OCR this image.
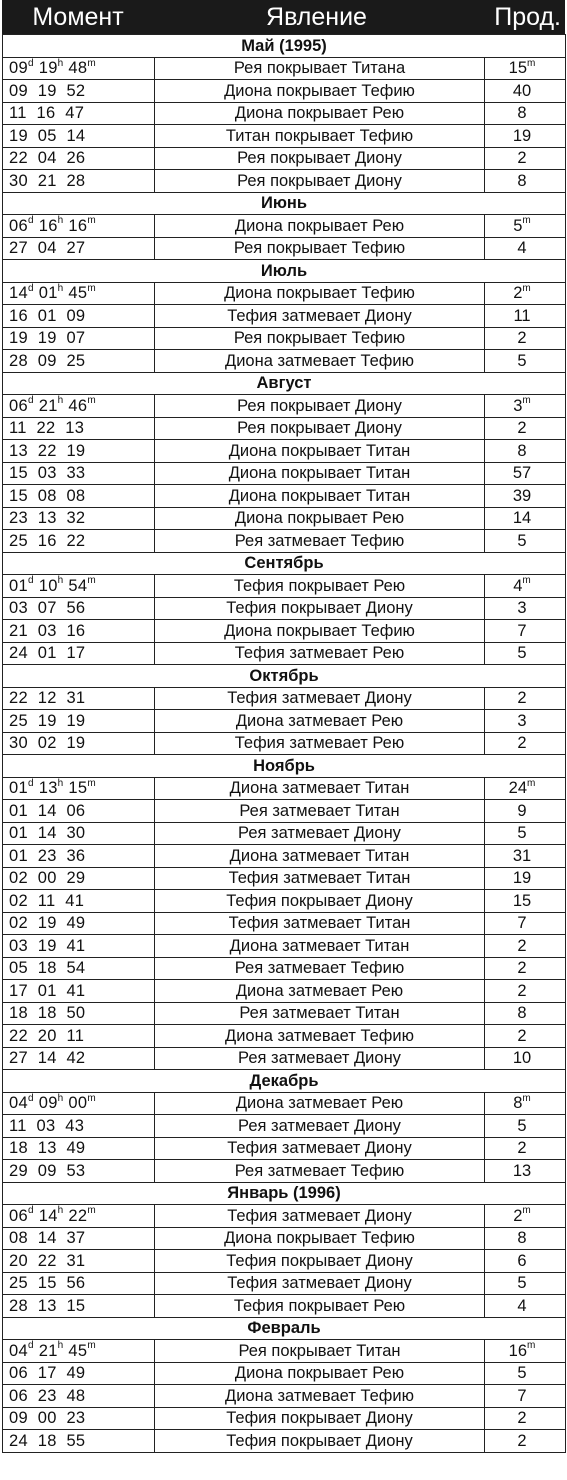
Момент	Явление	Прод.
Май (1995)		
09$^d$ 19$^h$ 48$^m$	Рея покрывает Титана	15$^m$
09  19  52	Диона покрывает Тефию	40
11  16  47	Диона покрывает Рею	8
19  05  14	Титан покрывает Тефию	19
22  04  26	Рея покрывает Диону	2
30  21  28	Рея покрывает Диону	8
Июнь		
06$^d$ 16$^h$ 16$^m$	Диона покрывает Рею	5$^m$
27  04  27	Рея покрывает Тефию	4
Июль		
14$^d$ 01$^h$ 45$^m$	Диона покрывает Тефию	2$^m$
16  01  09	Тефия затмевает Диону	11
19  19  07	Рея покрывает Тефию	2
28  09  25	Диона затмевает Тефию	5
Август		
06$^d$ 21$^h$ 46$^m$	Рея покрывает Диону	3$^m$
11  22  13	Рея покрывает Диону	2
13  22  19	Диона покрывает Титан	8
15  03  33	Диона покрывает Титан	57
15  08  08	Диона покрывает Титан	39
23  13  32	Диона покрывает Рею	14
25  16  22	Рея затмевает Тефию	5
Сентябрь		
01$^d$ 10$^h$ 54$^m$	Тефия покрывает Рею	4$^m$
03  07  56	Тефия покрывает Диону	3
21  03  16	Диона покрывает Тефию	7
24  01  17	Тефия затмевает Рею	5
Октябрь		
22  12  31	Тефия затмевает Диону	2
25  19  19	Диона затмевает Рею	3
30  02  19	Тефия затмевает Рею	2
Ноябрь		
01$^d$ 13$^h$ 15$^m$	Диона затмевает Титан	24$^m$
01  14  06	Рея затмевает Титан	9
01  14  30	Рея затмевает Диону	5
01  23  36	Диона затмевает Титан	31
02  00  29	Тефия затмевает Титан	19
02  11  41	Тефия покрывает Диону	15
02  19  49	Тефия затмевает Титан	7
03  19  41	Диона затмевает Титан	2
05  18  54	Рея затмевает Тефию	2
17  01  41	Диона затмевает Рею	2
18  18  50	Рея затмевает Титан	8
22  20  11	Диона затмевает Тефию	2
27  14  42	Рея затмевает Диону	10
Декабрь		
04$^d$ 09$^h$ 00$^m$	Диона затмевает Рею	8$^m$
11  03  43	Рея затмевает Диону	5
18  13  49	Тефия затмевает Диону	2
29  09  53	Рея затмевает Тефию	13
Январь (1996)		
06$^d$ 14$^h$ 22$^m$	Тефия затмевает Диону	2$^m$
08  14  37	Диона покрывает Тефию	8
20  22  31	Тефия покрывает Диону	6
25  15  56	Тефия затмевает Диону	5
28  13  15	Тефия покрывает Рею	4
Февраль		
04$^d$ 21$^h$ 45$^m$	Рея покрывает Титан	16$^m$
06  17  49	Диона покрывает Рею	5
06  23  48	Диона затмевает Тефию	7
09  00  23	Тефия покрывает Диону	2
24  18  55	Тефия покрывает Диону	2
